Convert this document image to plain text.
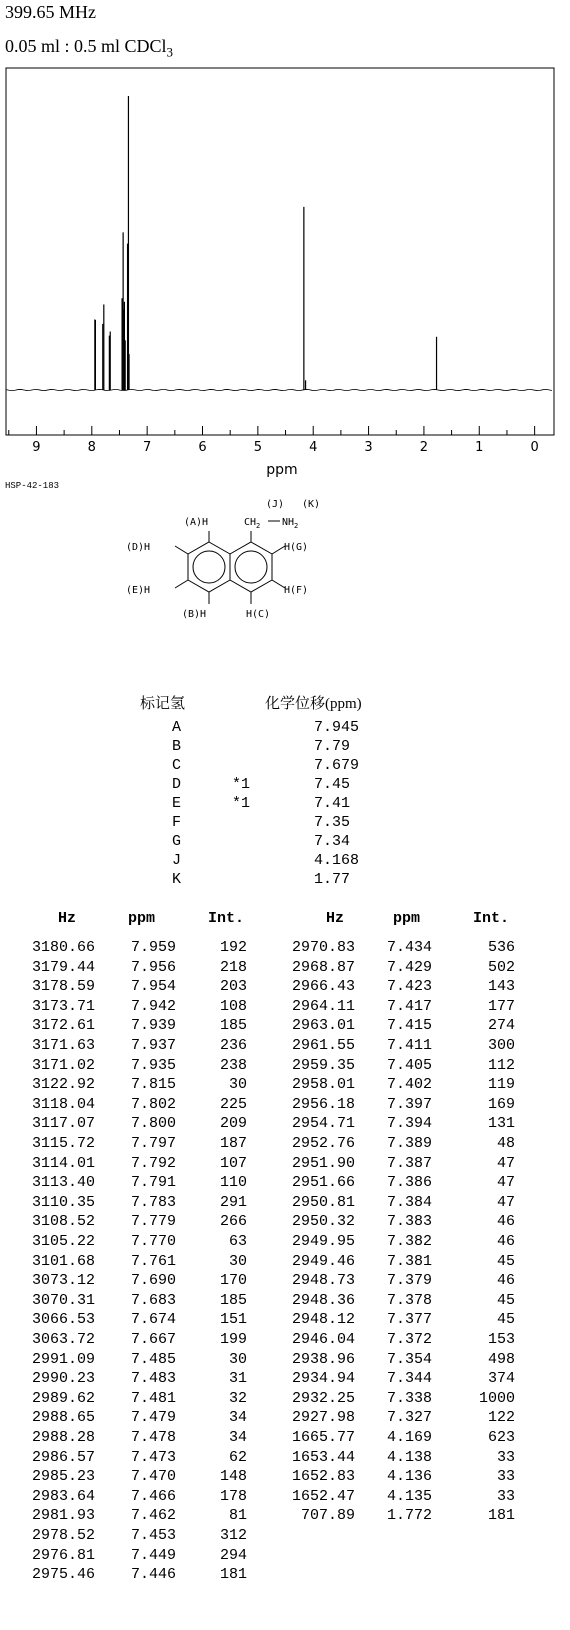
399.65 MHz
0.05 ml : 0.5 ml CDCl$_3$
9	8	7	6	5	4	3	2	1	0
ppm
HSP-42-183
(J) (K)
$CH_2$ $NH_2$
(A)H
(D)H
(E)H
(B)H	H(C)
H(F)
H(G)
标记氢	化学位移(ppm)
A	7.945
B	7.79
C	7.679
D	*1	7.45
E	*1	7.41
F	7.35
G	7.34
J	4.168
K	1.77
Hz	ppm	Int.	Hz	ppm	Int.
3180.66 7.959	192
3179.44 7.956	218
3178.59 7.954	203
3173.71 7.942	108
3172.61 7.939	185
3171.63 7.937	236
3171.02 7.935	238
3122.92 7.815	30
3118.04 7.802	225
3117.07 7.800	209
3115.72 7.797	187
3114.01 7.792	107
3113.40 7.791	110
3110.35 7.783	291
3108.52 7.779	266
3105.22 7.770	63
3101.68 7.761	30
3073.12 7.690	170
3070.31 7.683	185
3066.53 7.674	151
3063.72 7.667	199
2991.09 7.485	30
2990.23 7.483	31
2989.62 7.481	32
2988.65 7.479	34
2988.28 7.478	34
2986.57 7.473	62
2985.23 7.470	148
2983.64 7.466	178
2981.93 7.462	81
2978.52 7.453	312
2976.81 7.449	294
2975.46 7.446	181
2970.83 7.434	536
2968.87 7.429	502
2966.43 7.423	143
2964.11 7.417	177
2963.01 7.415	274
2961.55 7.411	300
2959.35 7.405	112
2958.01 7.402	119
2956.18 7.397	169
2954.71 7.394	131
2952.76 7.389	48
2951.90 7.387	47
2951.66 7.386	47
2950.81 7.384	47
2950.32 7.383	46
2949.95 7.382	46
2949.46 7.381	45
2948.73 7.379	46
2948.36 7.378	45
2948.12 7.377	45
2946.04 7.372	153
2938.96 7.354	498
2934.94 7.344	374
2932.25 7.338	1000
2927.98 7.327	122
1665.77 4.169	623
1653.44 4.138	33
1652.83 4.136	33
1652.47 4.135	33
707.89 1.772	181
